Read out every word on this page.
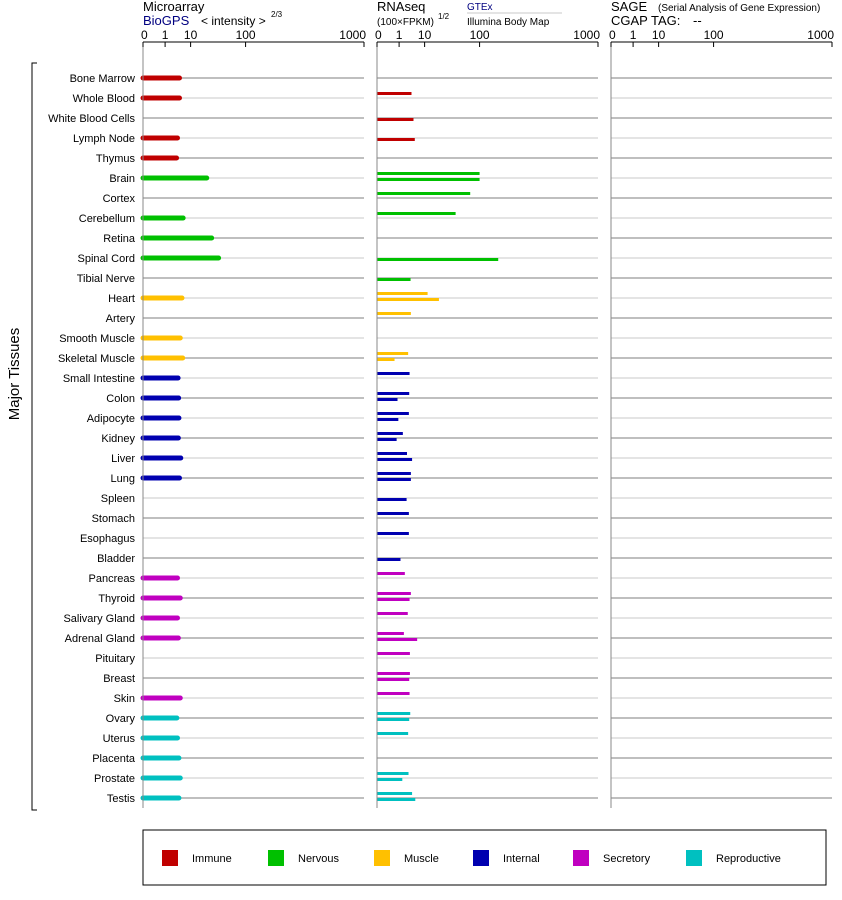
0 1 10	100	1000 0 1 10	100	1000 0 1 10	100	1000
Bone Marrow
Whole Blood
White Blood Cells
Lymph Node
Thymus
Brain
Cortex
Cerebellum
Retina
Spinal Cord
Tibial Nerve
Heart
Artery
Smooth Muscle
Skeletal Muscle
Small Intestine
Colon
Adipocyte
Kidney
Liver
Lung
Spleen
Stomach
Esophagus
Bladder
Pancreas
Thyroid
Salivary Gland
Adrenal Gland
Pituitary
Breast
Skin
Ovary
Uterus
Placenta
Prostate
Testis
Microarray
BioGPS < intensity > 2/3
RNAseq
(100×FPKM)
1/2
GTEx
Illumina Body Map
SAGE (Serial Analysis of Gene Expression)
CGAP TAG: --
Major Tissues
Immune	Nervous	Muscle	Internal	Secretory	Reproductive
